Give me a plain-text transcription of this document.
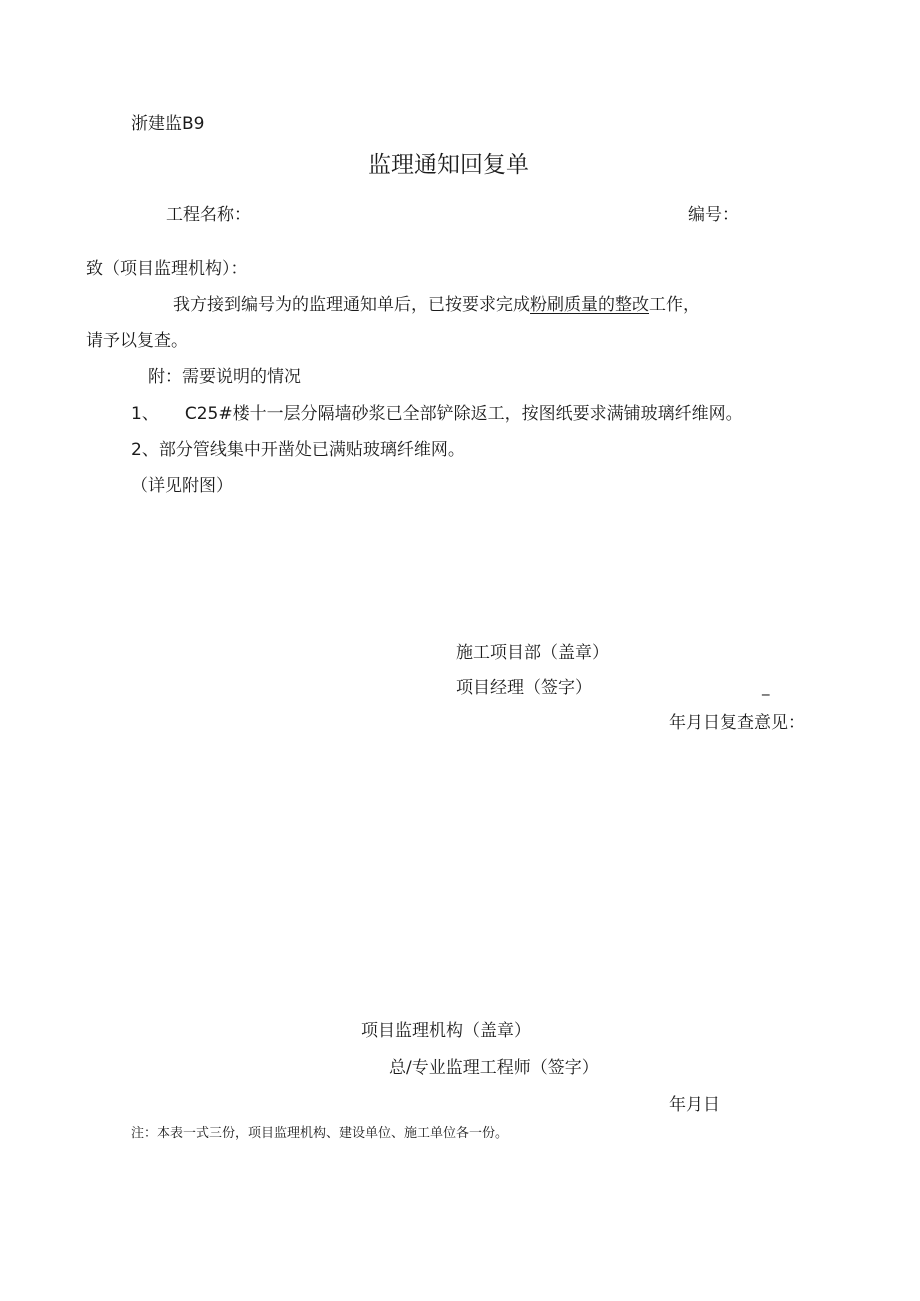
浙建监B9
监理通知回复单
工程名称：	编号：
致（项目监理机构）：
我方接到编号为的监理通知单后，已按要求完成粉刷质量的整改工作，
请予以复查。
附：需要说明的情况
1、 C25#楼十一层分隔墙砂浆已全部铲除返工，按图纸要求满铺玻璃纤维网。
2、部分管线集中开凿处已满贴玻璃纤维网。
（详见附图）
施工项目部（盖章）
项目经理（签字）	_
年月日复查意见：
项目监理机构（盖章）
总/专业监理工程师（签字）
年月日
注：本表一式三份，项目监理机构、建设单位、施工单位各一份。
